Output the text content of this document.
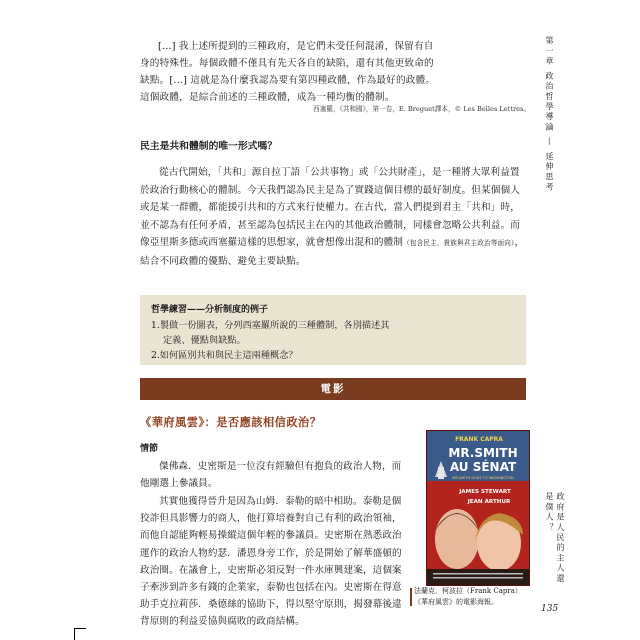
[…] 我上述所提到的三種政府，是它們未受任何混淆，保留有自身的特殊性。每個政體不僅具有先天各自的缺陷，還有其他更致命的缺點。[…] 這就是為什麼我認為要有第四種政體，作為最好的政體。這個政體，是綜合前述的三種政體，成為一種均衡的體制。
西塞羅，《共和國》，第一卷，E. Breguet譯本，© Les Belles Lettres。
民主是共和體制的唯一形式嗎？
從古代開始，「共和」源自拉丁語「公共事物」或「公共財產」，是一種將大眾利益置於政治行動核心的體制。今天我們認為民主是為了實踐這個目標的最好制度。但某個個人或是某一群體，都能援引共和的方式來行使權力。在古代，當人們提到君主「共和」時，並不認為有任何矛盾，甚至認為包括民主在內的其他政治體制，同樣會忽略公共利益。而像亞里斯多德或西塞羅這樣的思想家，就會想像出混和的體制（包含民主、貴族與君主政治等面向），結合不同政體的優點、避免主要缺點。
哲學練習——分析制度的例子
1.製做一份圖表，分列西塞羅所說的三種體制，各別描述其
定義、優點與缺點。
2.如何區別共和與民主這兩種概念？
電影
《華府風雲》：是否應該相信政治？
情節
傑佛森．史密斯是一位沒有經驗但有抱負的政治人物，而他剛選上參議員。
其實他獲得晉升是因為山姆．泰勒的暗中相助。泰勒是個狡詐但具影響力的商人，他打算培養對自己有利的政治領袖，而他自認能夠輕易操縱這個年輕的參議員。史密斯在熟悉政治運作的政治人物約瑟．潘恩身旁工作，於是開始了解華盛頓的政治圈。在議會上，史密斯必須反對一件水庫興建案，這個案子牽涉到許多有錢的企業家，泰勒也包括在內。史密斯在得意助手克拉莉莎．桑德絲的協助下，得以堅守原則，揭發幕後違背原則的利益妥協與腐敗的政商結構。
FRANK CAPRA
MR.SMITH
AU SÉNAT
MR.SMITH GOES TO WASHINGTON
JAMES STEWART
JEAN ARTHUR
法蘭克．柯波拉（Frank Capra）《華府風雲》的電影海報。
第一章 政治哲學導論 — 延伸思考
政府是人民的主人還是僕人？
135
